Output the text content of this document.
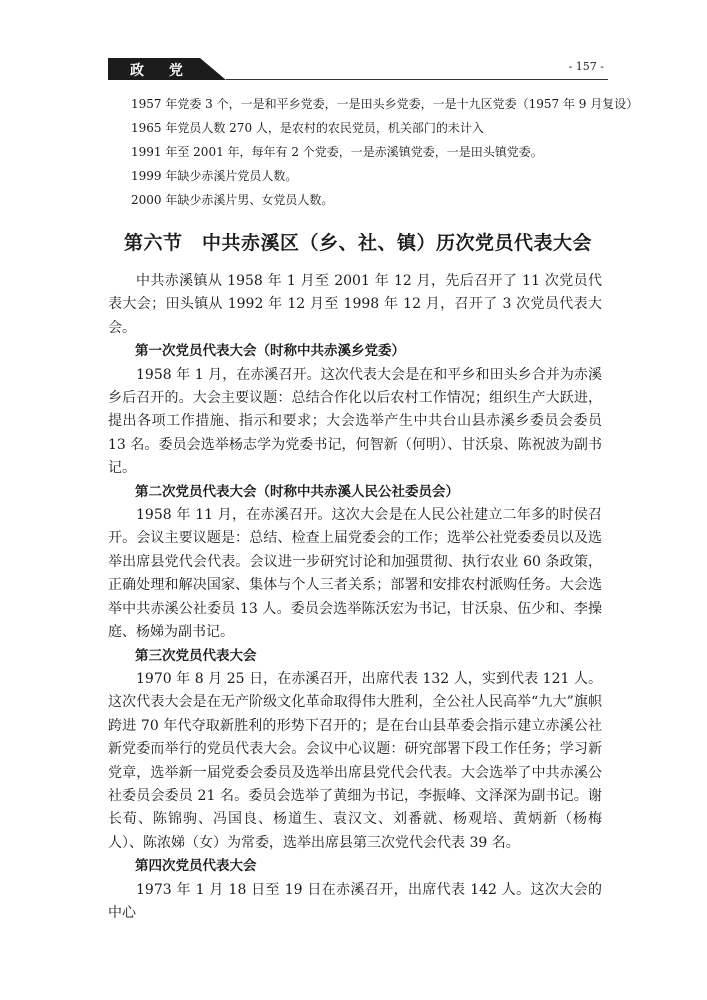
政 党	- 157 -
1957 年党委 3 个，一是和平乡党委，一是田头乡党委，一是十九区党委（1957 年 9 月复设）
1965 年党员人数 270 人，是农村的农民党员，机关部门的未计入
1991 年至 2001 年，每年有 2 个党委，一是赤溪镇党委，一是田头镇党委。
1999 年缺少赤溪片党员人数。
2000 年缺少赤溪片男、女党员人数。
第六节　中共赤溪区（乡、社、镇）历次党员代表大会

中共赤溪镇从 1958 年 1 月至 2001 年 12 月，先后召开了 11 次党员代表大会；田头镇从 1992 年 12 月至 1998 年 12 月，召开了 3 次党员代表大会。

第一次党员代表大会（时称中共赤溪乡党委）

1958 年 1 月，在赤溪召开。这次代表大会是在和平乡和田头乡合并为赤溪乡后召开的。大会主要议题：总结合作化以后农村工作情况；组织生产大跃进，提出各项工作措施、指示和要求；大会选举产生中共台山县赤溪乡委员会委员 13 名。委员会选举杨志学为党委书记，何智新（何明）、甘沃泉、陈祝波为副书记。

第二次党员代表大会（时称中共赤溪人民公社委员会）

1958 年 11 月，在赤溪召开。这次大会是在人民公社建立二年多的时侯召开。会议主要议题是：总结、检查上届党委会的工作；选举公社党委委员以及选举出席县党代会代表。会议进一步研究讨论和加强贯彻、执行农业 60 条政策，正确处理和解决国家、集体与个人三者关系；部署和安排农村派购任务。大会选举中共赤溪公社委员 13 人。委员会选举陈沃宏为书记，甘沃泉、伍少和、李操庭、杨娣为副书记。

第三次党员代表大会

1970 年 8 月 25 日，在赤溪召开，出席代表 132 人，实到代表 121 人。这次代表大会是在无产阶级文化革命取得伟大胜利，全公社人民高举“九大”旗帜跨进 70 年代夺取新胜利的形势下召开的；是在台山县革委会指示建立赤溪公社新党委而举行的党员代表大会。会议中心议题：研究部署下段工作任务；学习新党章，选举新一届党委会委员及选举出席县党代会代表。大会选举了中共赤溪公社委员会委员 21 名。委员会选举了黄细为书记，李振峰、文泽深为副书记。谢长荀、陈锦驹、冯国良、杨道生、袁汉文、刘番就、杨观培、黄炳新（杨梅人）、陈浓娣（女）为常委，选举出席县第三次党代会代表 39 名。

第四次党员代表大会

1973 年 1 月 18 日至 19 日在赤溪召开，出席代表 142 人。这次大会的中心
